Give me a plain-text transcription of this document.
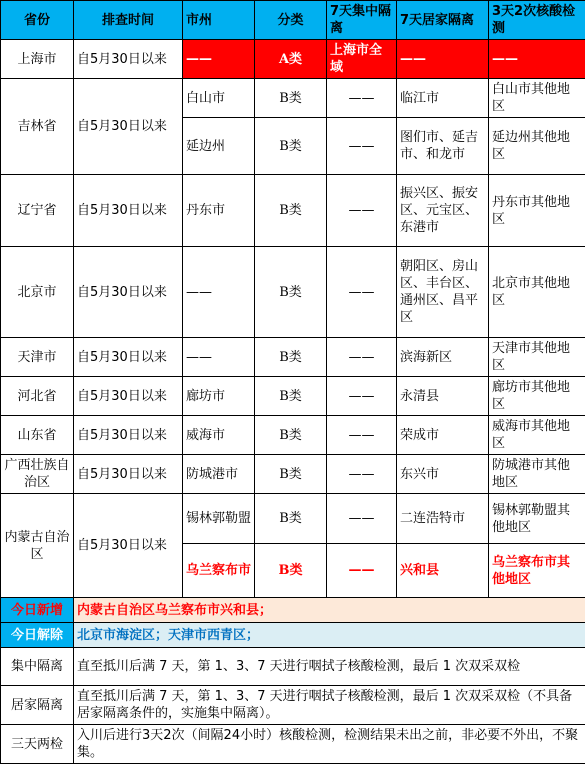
省份	排查时间	市州	分类	7天集中隔离	7天居家隔离	3天2次核酸检测
上海市	自5月30日以来	——	A类	上海市全域	——	——
吉林省	自5月30日以来	白山市	B类	——	临江市	白山市其他地区
		延边州	B类	——	图们市、延吉市、和龙市	延边州其他地区
辽宁省	自5月30日以来	丹东市	B类	——	振兴区、振安区、元宝区、东港市	丹东市其他地区
北京市	自5月30日以来	——	B类	——	朝阳区、房山区、丰台区、通州区、昌平区	北京市其他地区
天津市	自5月30日以来	——	B类	——	滨海新区	天津市其他地区
河北省	自5月30日以来	廊坊市	B类	——	永清县	廊坊市其他地区
山东省	自5月30日以来	威海市	B类	——	荣成市	威海市其他地区
广西壮族自治区	自5月30日以来	防城港市	B类	——	东兴市	防城港市其他地区
内蒙古自治区	自5月30日以来	锡林郭勒盟	B类	——	二连浩特市	锡林郭勒盟其他地区
		乌兰察布市	B类	——	兴和县	乌兰察布市其他地区
今日新增	内蒙古自治区乌兰察布市兴和县；					
今日解除	北京市海淀区；天津市西青区；					
集中隔离	直至抵川后满 7 天，第 1、3、7 天进行咽拭子核酸检测，最后 1 次双采双检					
居家隔离	直至抵川后满 7 天，第 1、3、7 天进行咽拭子核酸检测，最后 1 次双采双检（不具备居家隔离条件的，实施集中隔离）。					
三天两检	入川后进行3天2次（间隔24小时）核酸检测，检测结果未出之前，非必要不外出，不聚集。					
